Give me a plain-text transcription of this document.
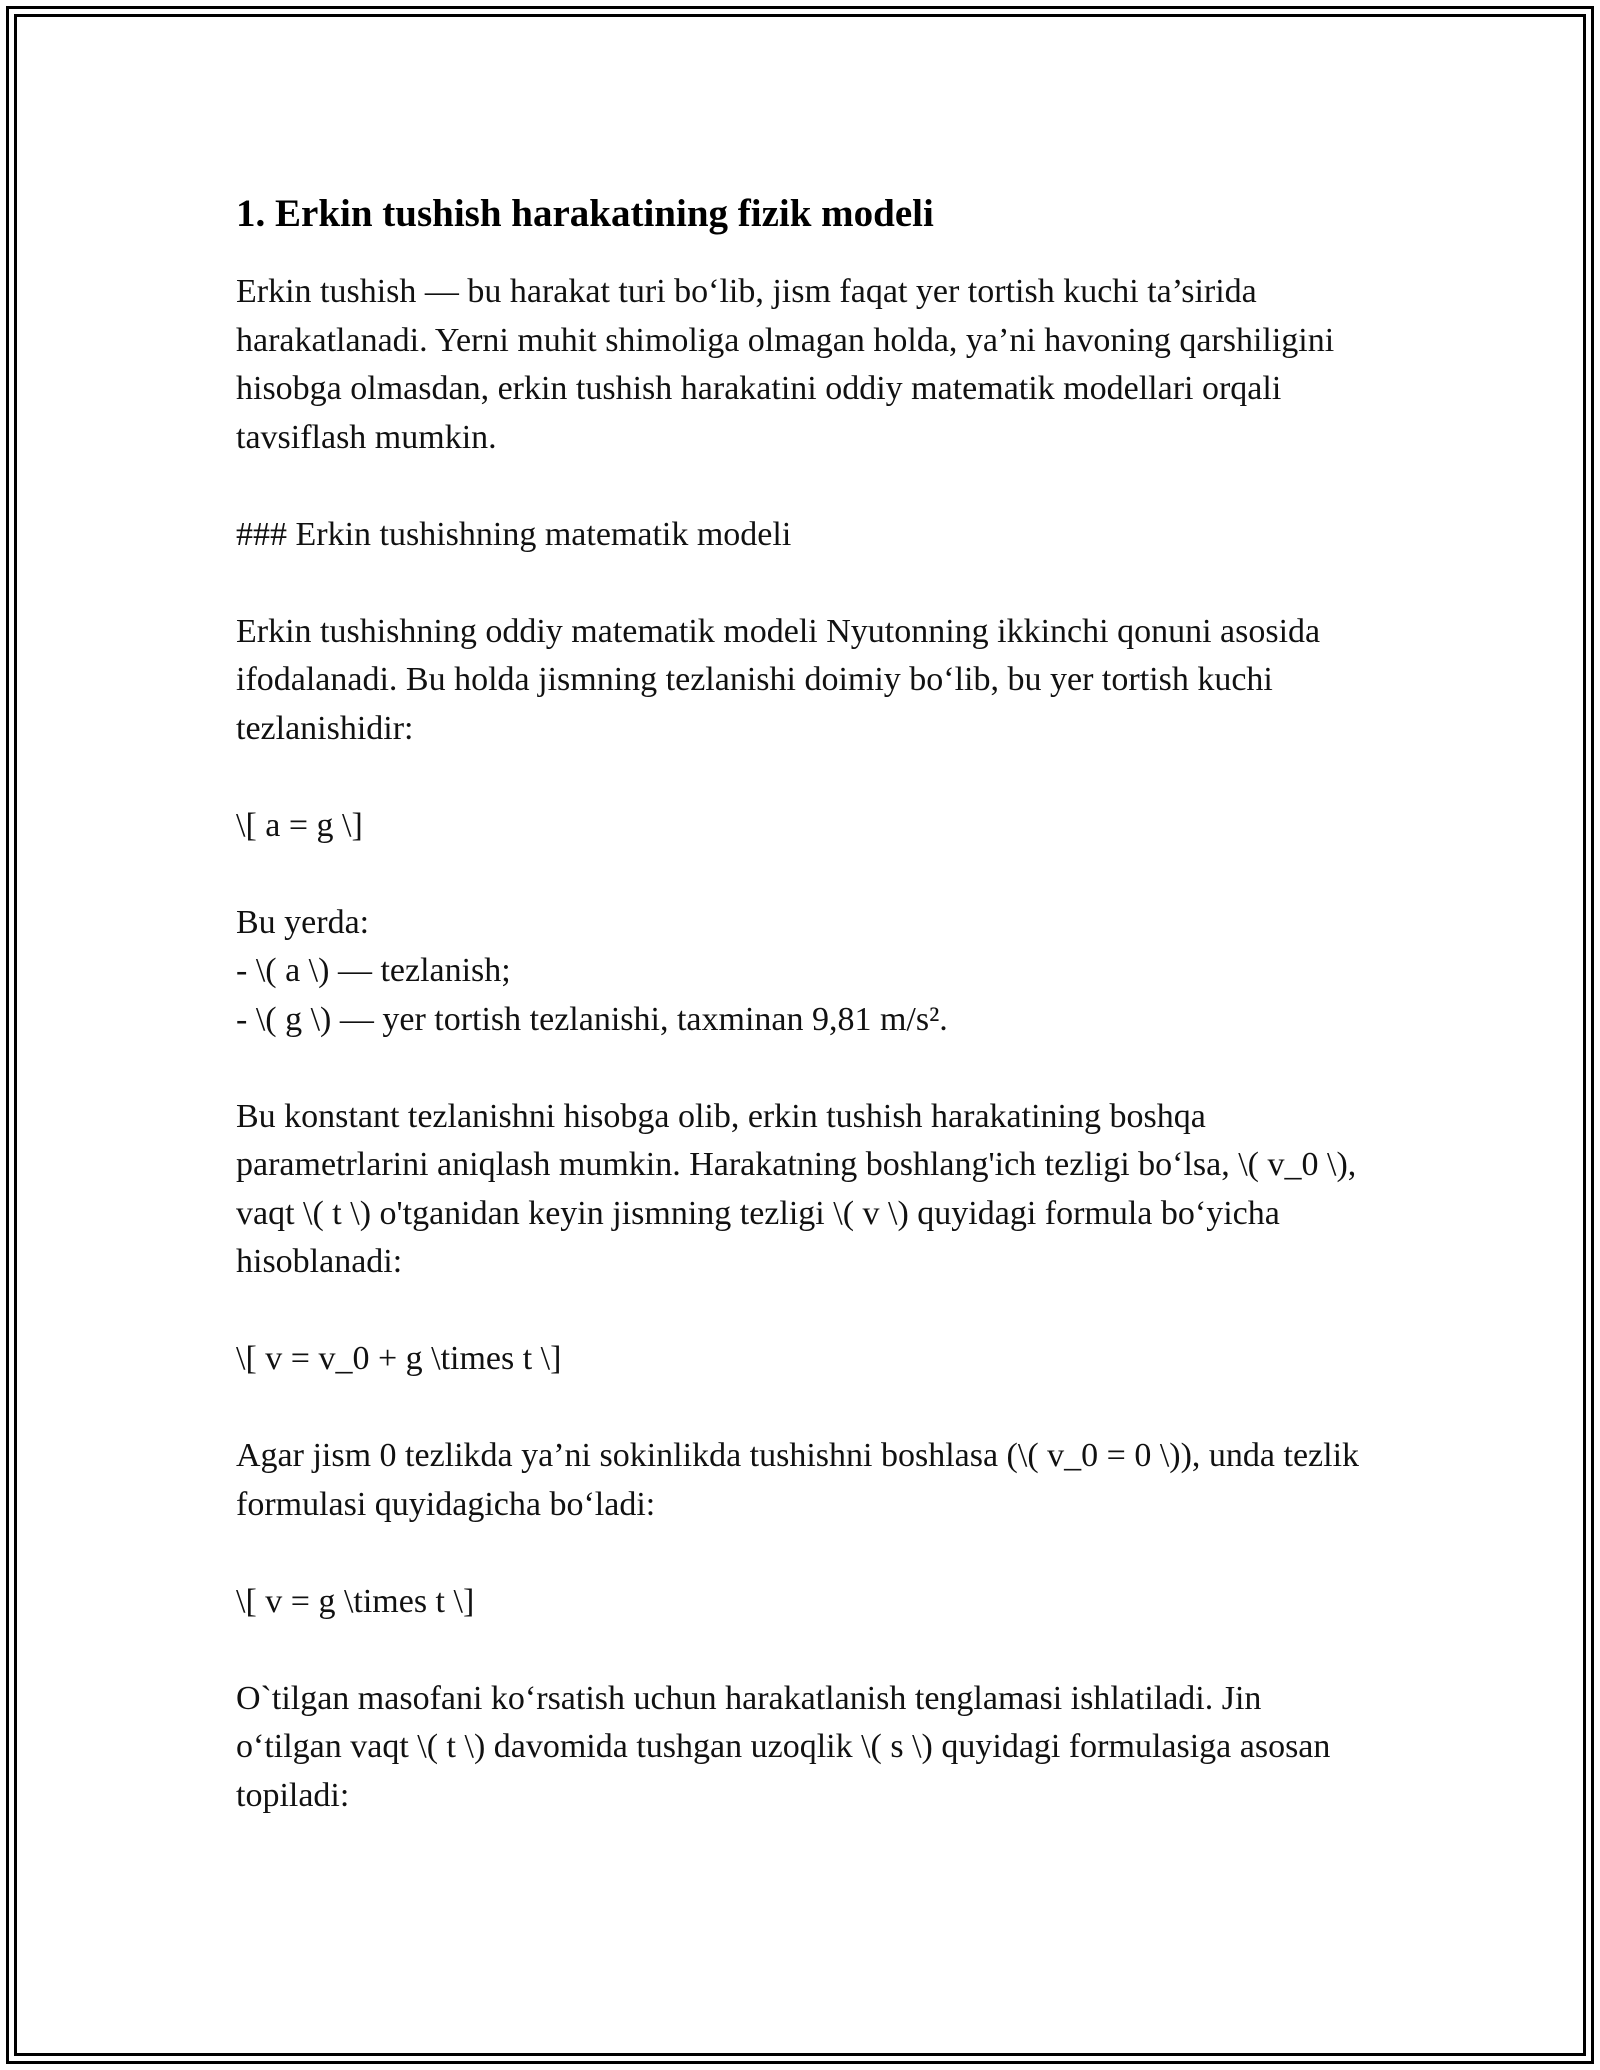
1. Erkin tushish harakatining fizik modeli

Erkin tushish — bu harakat turi bo‘lib, jism faqat yer tortish kuchi ta’sirida harakatlanadi. Yerni muhit shimoliga olmagan holda, ya’ni havoning qarshiligini hisobga olmasdan, erkin tushish harakatini oddiy matematik modellari orqali tavsiflash mumkin.

### Erkin tushishning matematik modeli

Erkin tushishning oddiy matematik modeli Nyutonning ikkinchi qonuni asosida ifodalanadi. Bu holda jismning tezlanishi doimiy bo‘lib, bu yer tortish kuchi tezlanishidir:

\[ a = g \]

Bu yerda:

- \( a \) — tezlanish;

- \( g \) — yer tortish tezlanishi, taxminan 9,81 m/s².

Bu konstant tezlanishni hisobga olib, erkin tushish harakatining boshqa parametrlarini aniqlash mumkin. Harakatning boshlang'ich tezligi bo‘lsa, \( v_0 \), vaqt \( t \) o'tganidan keyin jismning tezligi \( v \) quyidagi formula bo‘yicha hisoblanadi:

\[ v = v_0 + g \times t \]

Agar jism 0 tezlikda ya’ni sokinlikda tushishni boshlasa (\( v_0 = 0 \)), unda tezlik formulasi quyidagicha bo‘ladi:

\[ v = g \times t \]

O`tilgan masofani ko‘rsatish uchun harakatlanish tenglamasi ishlatiladi. Jin o‘tilgan vaqt \( t \) davomida tushgan uzoqlik \( s \) quyidagi formulasiga asosan topiladi:
